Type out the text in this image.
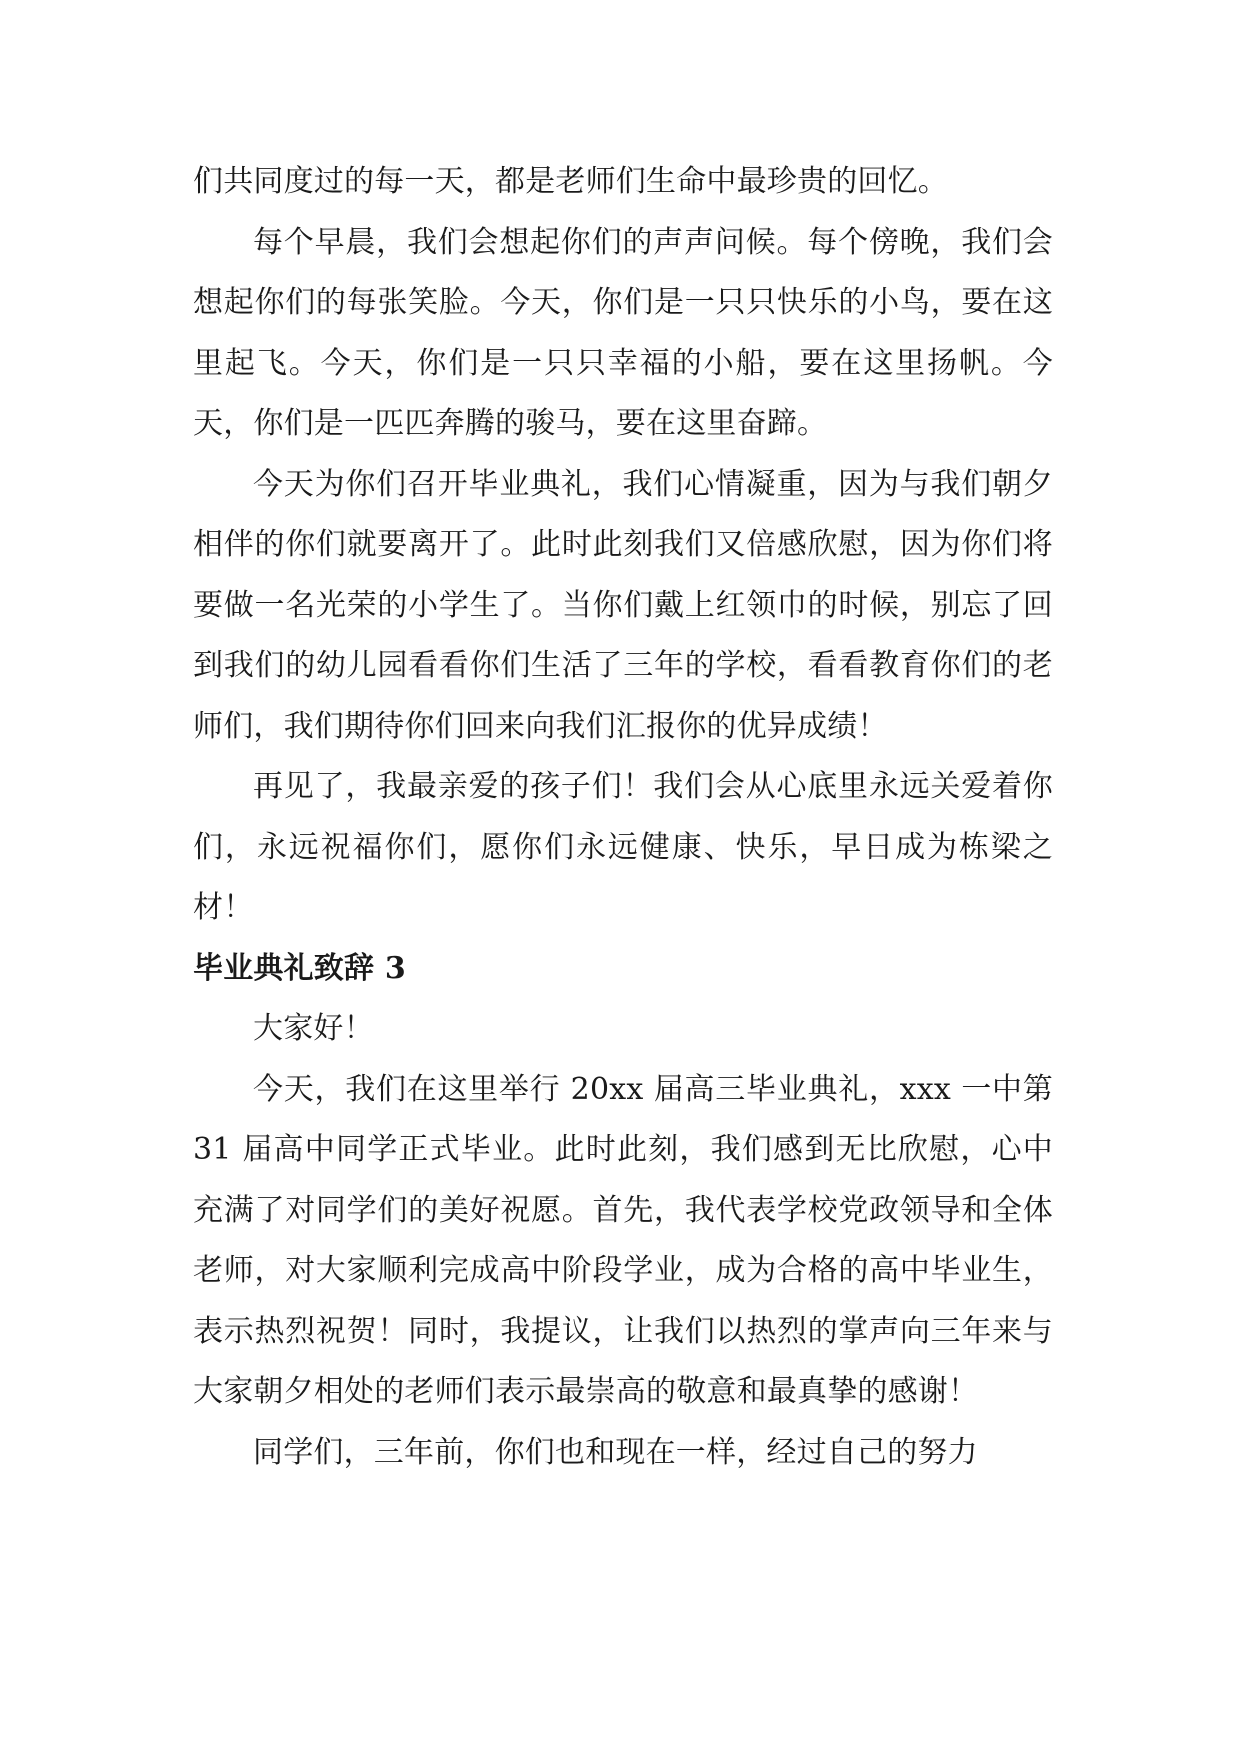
们共同度过的每一天，都是老师们生命中最珍贵的回忆。

每个早晨，我们会想起你们的声声问候。每个傍晚，我们会想起你们的每张笑脸。今天，你们是一只只快乐的小鸟，要在这里起飞。今天，你们是一只只幸福的小船，要在这里扬帆。今天，你们是一匹匹奔腾的骏马，要在这里奋蹄。

今天为你们召开毕业典礼，我们心情凝重，因为与我们朝夕相伴的你们就要离开了。此时此刻我们又倍感欣慰，因为你们将要做一名光荣的小学生了。当你们戴上红领巾的时候，别忘了回到我们的幼儿园看看你们生活了三年的学校，看看教育你们的老师们，我们期待你们回来向我们汇报你的优异成绩！

再见了，我最亲爱的孩子们！我们会从心底里永远关爱着你们，永远祝福你们，愿你们永远健康、快乐，早日成为栋梁之材！

毕业典礼致辞 3

大家好！

今天，我们在这里举行 20xx 届高三毕业典礼，xxx 一中第 31 届高中同学正式毕业。此时此刻，我们感到无比欣慰，心中充满了对同学们的美好祝愿。首先，我代表学校党政领导和全体老师，对大家顺利完成高中阶段学业，成为合格的高中毕业生，表示热烈祝贺！同时，我提议，让我们以热烈的掌声向三年来与大家朝夕相处的老师们表示最崇高的敬意和最真挚的感谢！

同学们，三年前，你们也和现在一样，经过自己的努力
